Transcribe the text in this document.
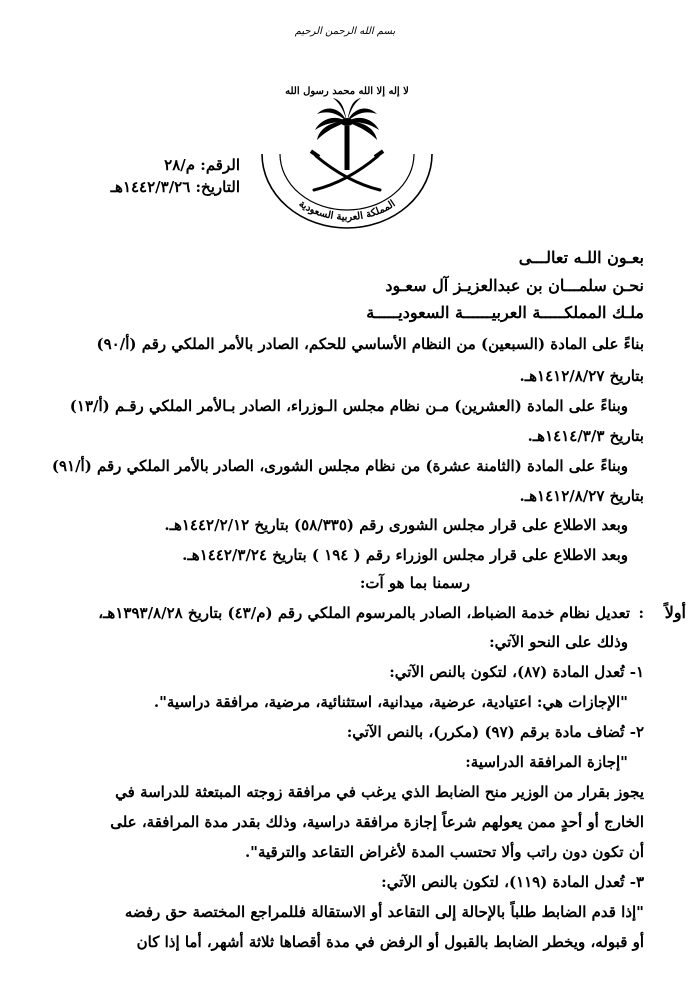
بسم الله الرحمن الرحيم
لا إله إلا الله محمد رسول الله
المملكة العربية السعودية
الرقم: م/٢٨
التاريخ: ١٤٤٢/٣/٢٦هـ
بعـون اللـه تعالـــى
نحـن سلمـــان بن عبدالعزيـز آل سعـود
ملـك المملكـــــة العربيــــــة السعوديـــــة
بناءً على المادة (السبعين) من النظام الأساسي للحكم، الصادر بالأمر الملكي رقم (أ/٩٠)
بتاريخ ١٤١٢/٨/٢٧هـ.
وبناءً على المادة (العشرين) مـن نظام مجلس الـوزراء، الصادر بـالأمر الملكي رقـم (أ/١٣)
بتاريخ ١٤١٤/٣/٣هـ.
وبناءً على المادة (الثامنة عشرة) من نظام مجلس الشورى، الصادر بالأمر الملكي رقم (أ/٩١)
بتاريخ ١٤١٢/٨/٢٧هـ.
وبعد الاطلاع على قرار مجلس الشورى رقم (٥٨/٣٣٥) بتاريخ ١٤٤٢/٢/١٢هـ.
وبعد الاطلاع على قرار مجلس الوزراء رقم ( ١٩٤ ) بتاريخ ١٤٤٢/٣/٢٤هـ.
رسمنا بما هو آت:
أولاً
:
تعديل نظام خدمة الضباط، الصادر بالمرسوم الملكي رقم (م/٤٣) بتاريخ ١٣٩٣/٨/٢٨هـ،
وذلك على النحو الآتي:
١- تُعدل المادة (٨٧)، لتكون بالنص الآتي:
"الإجازات هي: اعتيادية، عرضية، ميدانية، استثنائية، مرضية، مرافقة دراسية".
٢- تُضاف مادة برقم (٩٧) (مكرر)، بالنص الآتي:
"إجازة المرافقة الدراسية:
يجوز بقرار من الوزير منح الضابط الذي يرغب في مرافقة زوجته المبتعثة للدراسة في
الخارج أو أحدٍ ممن يعولهم شرعاً إجازة مرافقة دراسية، وذلك بقدر مدة المرافقة، على
أن تكون دون راتب وألا تحتسب المدة لأغراض التقاعد والترقية".
٣- تُعدل المادة (١١٩)، لتكون بالنص الآتي:
"إذا قدم الضابط طلباً بالإحالة إلى التقاعد أو الاستقالة فللمراجع المختصة حق رفضه
أو قبوله، ويخطر الضابط بالقبول أو الرفض في مدة أقصاها ثلاثة أشهر، أما إذا كان
